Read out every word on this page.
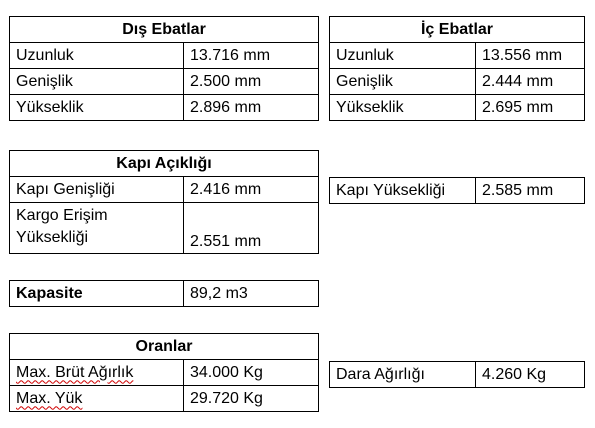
Dış Ebatlar	
Uzunluk	13.716 mm
Genişlik	2.500 mm
Yükseklik	2.896 mm
İç Ebatlar	
Uzunluk	13.556 mm
Genişlik	2.444 mm
Yükseklik	2.695 mm
Kapı Açıklığı	
Kapı Genişliği	2.416 mm
Kargo Erişim Yüksekliği	2.551 mm
Kapı Yüksekliği	2.585 mm
Kapasite	89,2 m3
Oranlar	
Max. Brüt Ağırlık	34.000 Kg
Max. Yük	29.720 Kg
Dara Ağırlığı	4.260 Kg
